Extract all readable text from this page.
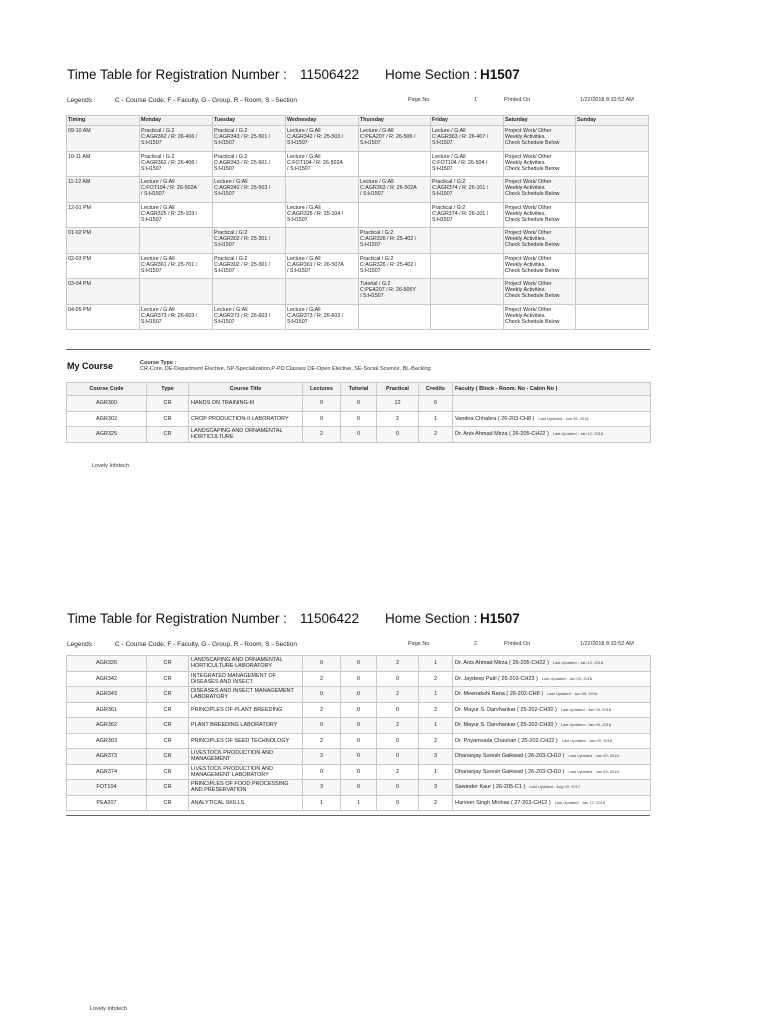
Time Table for Registration Number : 11506422 Home Section : H1507
Legends :	C - Course Code, F - Faculty, G - Group, R - Room, S - Section	Page No	1	Printed On	1/22/2018 8:32:52 AM
Timing	Monday	Tuesday	Wednesday	Thursday	Friday	Saturday	Sunday

09-10 AM	Practical / G:2
C:AGR362 / R: 26-406 /
S:H1507	Practical / G:2
C:AGR343 / R: 25-501 /
S:H1507	Lecture / G:All
C:AGR342 / R: 25-503 /
S:H1507	Lecture / G:All
C:PEA207 / R: 26-506 /
S:H1507	Lecture / G:All
C:AGR363 / R: 26-407 /
S:H1507	Project Work/ Other
Weekly Activities.
Check Schedule Below	

10-11 AM	Practical / G:2
C:AGR362 / R: 26-406 /
S:H1507	Practical / G:2
C:AGR343 / R: 25-501 /
S:H1507	Lecture / G:All
C:FOT104 / R: 26-502A
/ S:H1507		Lecture / G:All
C:FOT104 / R: 26-504 /
S:H1507	Project Work/ Other
Weekly Activities.
Check Schedule Below	

11-12 AM	Lecture / G:All
C:FOT104 / R: 26-502A
/ S:H1507	Lecture / G:All
C:AGR342 / R: 25-503 /
S:H1507		Lecture / G:All
C:AGR363 / R: 26-502A
/ S:H1507	Practical / G:2
C:AGR374 / R: 26-101 /
S:H1507	Project Work/ Other
Weekly Activities.
Check Schedule Below	

12-01 PM	Lecture / G:All
C:AGR325 / R: 25-103 /
S:H1507		Lecture / G:All
C:AGR325 / R: 25-104 /
S:H1507		Practical / G:2
C:AGR374 / R: 26-101 /
S:H1507	Project Work/ Other
Weekly Activities.
Check Schedule Below	

01-02 PM		Practical / G:2
C:AGR302 / R: 25-301 /
S:H1507		Practical / G:2
C:AGR326 / R: 25-402 /
S:H1507		Project Work/ Other
Weekly Activities.
Check Schedule Below	

02-03 PM	Lecture / G:All
C:AGR361 / R: 25-701 /
S:H1507	Practical / G:2
C:AGR302 / R: 25-301 /
S:H1507	Lecture / G:All
C:AGR361 / R: 26-507A
/ S:H1507	Practical / G:2
C:AGR326 / R: 25-402 /
S:H1507		Project Work/ Other
Weekly Activities.
Check Schedule Below	

03-04 PM				Tutorial / G:2
C:PEA207 / R: 26-506Y
/ S:H1507		Project Work/ Other
Weekly Activities.
Check Schedule Below	

04-05 PM	Lecture / G:All
C:AGR373 / R: 26-603 /
S:H1507	Lecture / G:All
C:AGR373 / R: 26-603 /
S:H1507	Lecture / G:All
C:AGR373 / R: 26-603 /
S:H1507			Project Work/ Other
Weekly Activities.
Check Schedule Below	

My Course	Course Type :
CR-Core, DE-Department Elective, SP-Specialization,P-PD Classes OE-Open Elective, SE-Social Science, BL-Backlog
Course Code	Type	Course Title	Lectures	Tutorial	Practical	Credits	Faculty ( Block - Room. No - Cabin No )
AGR300	CR	HANDS ON TRAINING-III	0	0	12	6	
AGR302	CR	CROP PRODUCTION-II LABORATORY	0	0	2	1	Vandna Chhabra ( 26-203-CH8 ) Last Updated : Jan 09, 2018
AGR325	CR	LANDSCAPING AND ORNAMENTAL HORTICULTURE	2	0	0	2	Dr. Anis Ahmad Mirza ( 26-205-CH22 ) Last Updated : Jan 12, 2018
Lovely Infotech
Time Table for Registration Number : 11506422 Home Section : H1507
Legends :	C - Course Code, F - Faculty, G - Group, R - Room, S - Section	Page No	2	Printed On	1/22/2018 8:32:52 AM
AGR326	CR	LANDSCAPING AND ORNAMENTAL HORTICULTURE LABORATORY	0	0	2	1	Dr. Anis Ahmad Mirza ( 26-205-CH22 ) Last Updated : Jan 12, 2018
AGR342	CR	INTEGRATED MANAGEMENT OF DISEASES AND INSECT	2	0	0	2	Dr. Jaydeep Patil ( 26-203-CH23 ) Last Updated : Jan 09, 2018
AGR343	CR	DISEASES AND INSECT MANAGEMENT LABORATORY	0	0	2	1	Dr. Meenakshi Rana ( 26-202-CH8 ) Last Updated : Jan 09, 2018
AGR361	CR	PRINCIPLES OF PLANT BREEDING	2	0	0	2	Dr. Mayur S. Darvhankar ( 25-202-CH30 ) Last Updated : Jan 09, 2018
AGR362	CR	PLANT BREEDING LABORATORY	0	0	2	1	Dr. Mayur S. Darvhankar ( 25-202-CH30 ) Last Updated : Jan 09, 2018
AGR363	CR	PRINCIPLES OF SEED TECHNOLOGY	2	0	0	2	Dr. Priyamvada Chauhan ( 25-202-CH22 ) Last Updated : Jan 09, 2018
AGR373	CR	LIVESTOCK PRODUCTION AND MANAGEMENT	3	0	0	3	Dhananjay Suresh Gaikwad ( 26-203-CH10 ) Last Updated : Jan 09, 2018
AGR374	CR	LIVESTOCK PRODUCTION AND MANAGEMENT LABORATORY	0	0	2	1	Dhananjay Suresh Gaikwad ( 26-203-CH10 ) Last Updated : Jan 09, 2018
FOT104	CR	PRINCIPLES OF FOOD PROCESSING AND PRESERVATION	3	0	0	3	Sawinder Kaur ( 26-205-C1 ) Last Updated : Aug 09, 2017
PEA207	CR	ANALYTICAL SKILLS	1	1	0	2	Harveer Singh Minhas ( 27-203-CH12 ) Last Updated : Jan 17, 2018
Lovely Infotech
